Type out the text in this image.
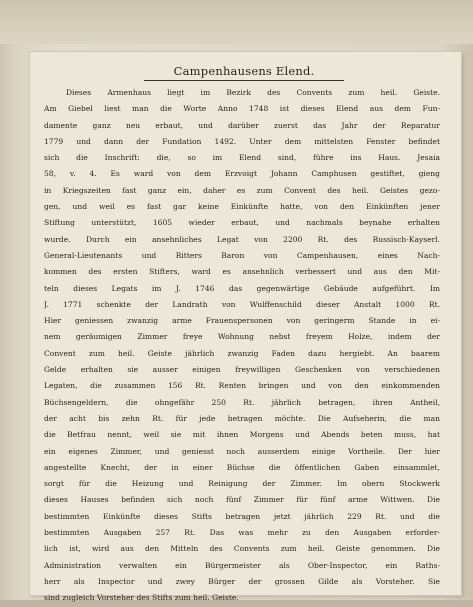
Campenhausens Elend.
Dieses Armenhaus liegt im Bezirk des Convents zum heil. Geiste.
Am Giebel liest man die Worte Anno 1748 ist dieses Elend aus dem Fun-
damente ganz neu erbaut, und darüber zuerst das Jahr der Reparatur
1779 und dann der Fundation 1492. Unter dem mittelsten Fenster befindet
sich die Inschrift: die, so im Elend sind, führe ins Haus. Jesaia
58, v. 4. Es ward von dem Erzvoigt Johann Camphusen gestiftet, gieng
in Kriegszeiten fast ganz ein, daher es zum Convent des heil. Geistes gezo-
gen, und weil es fast gar keine Einkünfte hatte, von den Einkünften jener
Stiftung unterstützt, 1605 wieder erbaut, und nachmals beynahe erhalten
wurde. Durch ein ansehnliches Legat von 2200 Rt. des Russisch-Kayserl.
General-Lieutenants und Ritters Baron von Campenhausen, eines Nach-
kommen des ersten Stifters, ward es ansehnlich verbessert und aus den Mit-
teln dieses Legats im J. 1746 das gegenwärtige Gebäude aufgeführt. Im
J. 1771 schenkte der Landrath von Wulffenschild dieser Anstalt 1000 Rt.
Hier geniessen zwanzig arme Frauenspersonen von geringerm Stande in ei-
nem geräumigen Zimmer freye Wohnung nebst freyem Holze, indem der
Convent zum heil. Geiste jährlich zwanzig Faden dazu hergiebt. An baarem
Gelde erhalten sie ausser einigen freywilligen Geschenken von verschiedenen
Legaten, die zusammen 156 Rt. Renten bringen und von den einkommenden
Büchsengeldern, die ohngefähr 250 Rt. jährlich betragen, ihren Antheil,
der acht bis zehn Rt. für jede betragen möchte. Die Aufseherin, die man
die Betfrau nennt, weil sie mit ihnen Morgens und Abends beten muss, hat
ein eigenes Zimmer, und geniesst noch ausserdem einige Vortheile. Der hier
angestellte Knecht, der in einer Büchse die öffentlichen Gaben einsammlet,
sorgt für die Heizung und Reinigung der Zimmer. Im obern Stockwerk
dieses Hauses befinden sich noch fünf Zimmer für fünf arme Wittwen. Die
bestimmten Einkünfte dieses Stifts betragen jetzt jährlich 229 Rt. und die
bestimmten Ausgaben 257 Rt. Das was mehr zu den Ausgaben erforder-
lich ist, wird aus den Mitteln des Convents zum heil. Geiste genommen. Die
Administration verwalten ein Bürgermeister als Ober-Inspector, ein Raths-
herr als Inspector und zwey Bürger der grossen Gilde als Vorsteher. Sie
sind zugleich Vorsteher des Stifts zum heil. Geiste.
